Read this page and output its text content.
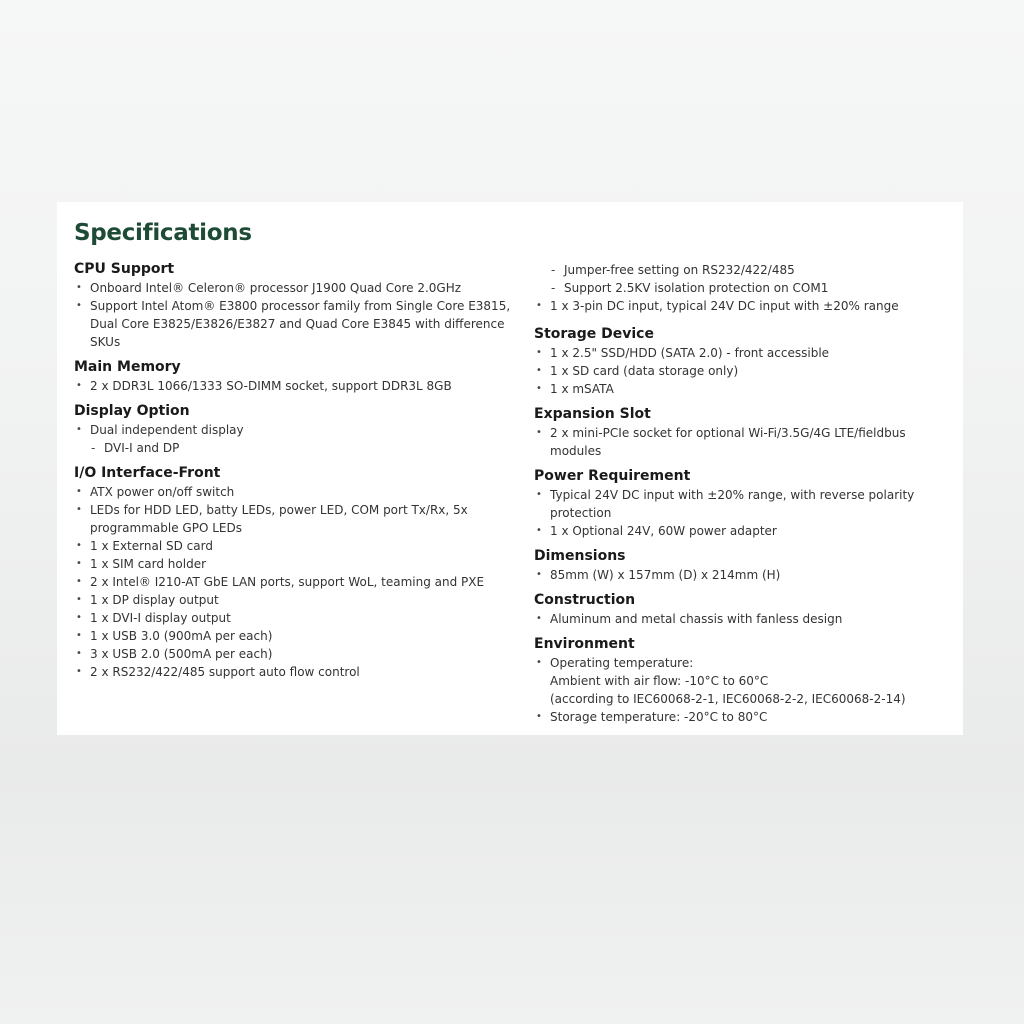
Specifications
CPU Support
• Onboard Intel® Celeron® processor J1900 Quad Core 2.0GHz
• Support Intel Atom® E3800 processor family from Single Core E3815, Dual Core E3825/E3826/E3827 and Quad Core E3845 with difference SKUs
Main Memory
• 2 x DDR3L 1066/1333 SO-DIMM socket, support DDR3L 8GB
Display Option
• Dual independent display
- DVI-I and DP
I/O Interface-Front
• ATX power on/off switch
• LEDs for HDD LED, batty LEDs, power LED, COM port Tx/Rx, 5x programmable GPO LEDs
• 1 x External SD card
• 1 x SIM card holder
• 2 x Intel® I210-AT GbE LAN ports, support WoL, teaming and PXE
• 1 x DP display output
• 1 x DVI-I display output
• 1 x USB 3.0 (900mA per each)
• 3 x USB 2.0 (500mA per each)
• 2 x RS232/422/485 support auto flow control
- Jumper-free setting on RS232/422/485
- Support 2.5KV isolation protection on COM1
• 1 x 3-pin DC input, typical 24V DC input with ±20% range
Storage Device
• 1 x 2.5" SSD/HDD (SATA 2.0) - front accessible
• 1 x SD card (data storage only)
• 1 x mSATA
Expansion Slot
• 2 x mini-PCIe socket for optional Wi-Fi/3.5G/4G LTE/fieldbus modules
Power Requirement
• Typical 24V DC input with ±20% range, with reverse polarity protection
• 1 x Optional 24V, 60W power adapter
Dimensions
• 85mm (W) x 157mm (D) x 214mm (H)
Construction
• Aluminum and metal chassis with fanless design
Environment
• Operating temperature:
Ambient with air flow: -10°C to 60°C
(according to IEC60068-2-1, IEC60068-2-2, IEC60068-2-14)
• Storage temperature: -20°C to 80°C
